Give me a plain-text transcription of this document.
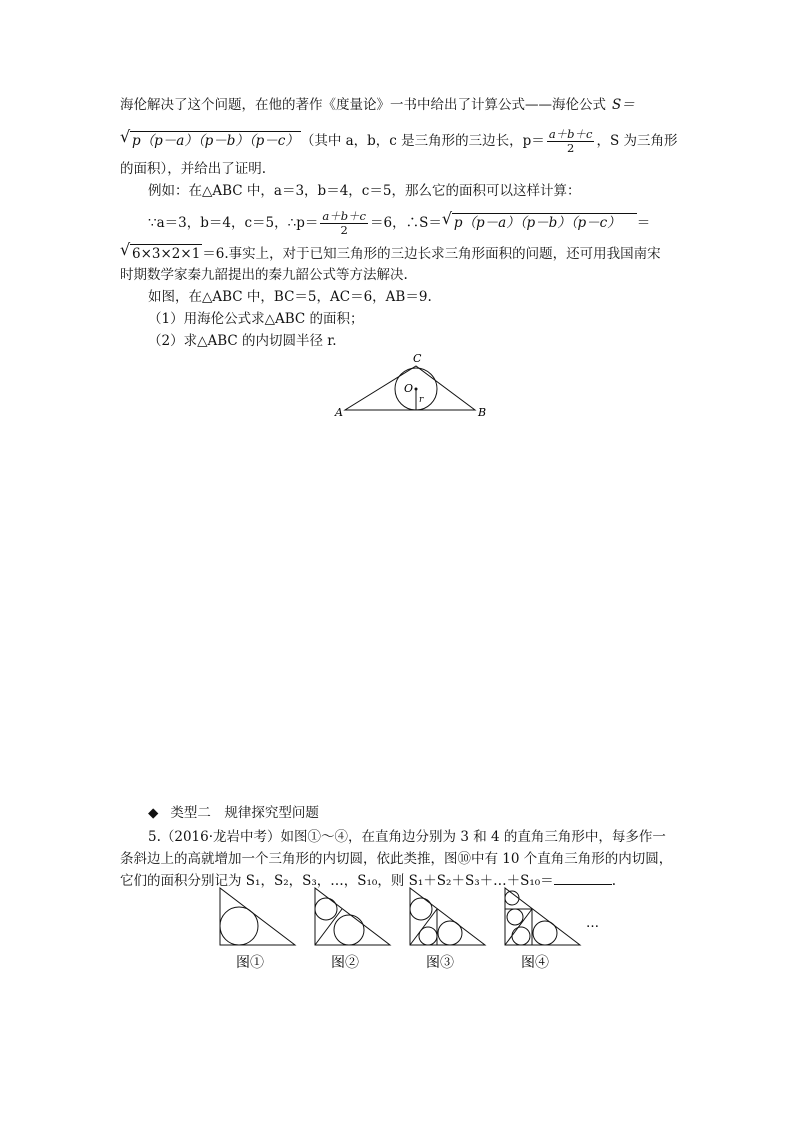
海伦解决了这个问题，在他的著作《度量论》一书中给出了计算公式——海伦公式 S＝
√ p（p－a）（p－b）（p－c） （其中 a，b，c 是三角形的三边长，$p= \frac{a+b+c}{2}$ ，S 为三角形
的面积），并给出了证明.
例如：在△ABC 中，a＝3，b＝4，c＝5，那么它的面积可以这样计算：
∵a＝3，b＝4，c＝5，∴p＝ $\frac{a+b+c}{2} =6$，∴S＝ √ p（p－a）（p－b）（p－c） ＝
√ 6×3×2×1 ＝6.事实上，对于已知三角形的三边长求三角形面积的问题，还可用我国南宋
时期数学家秦九韶提出的秦九韶公式等方法解决.
如图，在△ABC 中，BC＝5，AC＝6，AB＝9.
（1）用海伦公式求△ABC 的面积；
（2）求△ABC 的内切圆半径 r.
A	B
C
O
r
◆ 类型二　规律探究型问题
5.（2016·龙岩中考）如图①～④，在直角边分别为 3 和 4 的直角三角形中，每多作一
条斜边上的高就增加一个三角形的内切圆，依此类推，图⑩中有 10 个直角三角形的内切圆，
它们的面积分别记为 S₁，S₂，S₃，…，S₁₀，则 S₁＋S₂＋S₃＋…＋S₁₀＝	.
…
图①	图②	图③	图④
